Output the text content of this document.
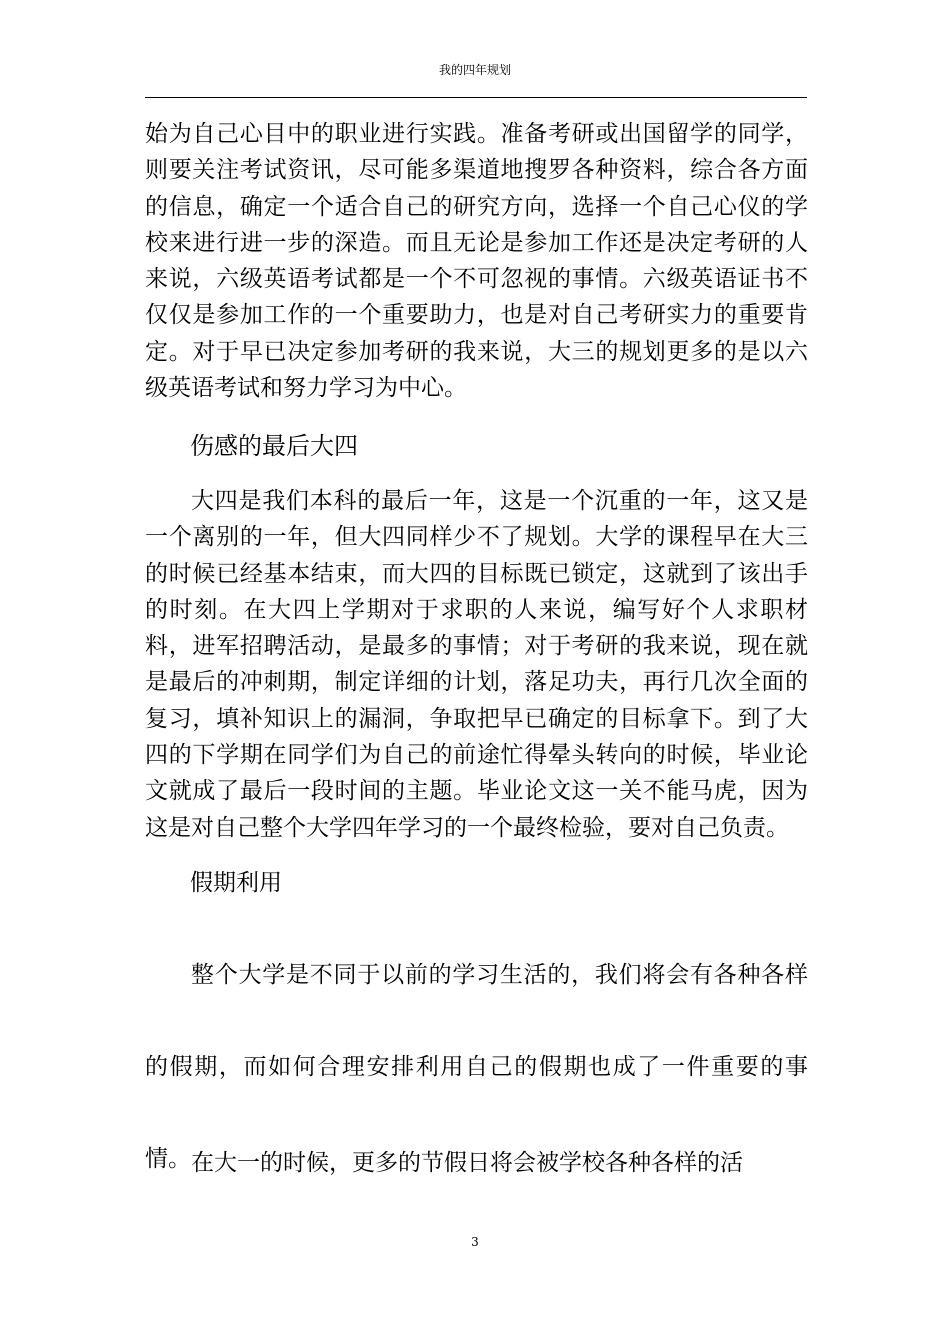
我的四年规划
始为自己心目中的职业进行实践。准备考研或出国留学的同学，则要关注考试资讯，尽可能多渠道地搜罗各种资料，综合各方面的信息，确定一个适合自己的研究方向，选择一个自己心仪的学校来进行进一步的深造。而且无论是参加工作还是决定考研的人来说，六级英语考试都是一个不可忽视的事情。六级英语证书不仅仅是参加工作的一个重要助力，也是对自己考研实力的重要肯定。对于早已决定参加考研的我来说，大三的规划更多的是以六级英语考试和努力学习为中心。
伤感的最后大四
大四是我们本科的最后一年，这是一个沉重的一年，这又是一个离别的一年，但大四同样少不了规划。大学的课程早在大三的时候已经基本结束，而大四的目标既已锁定，这就到了该出手的时刻。在大四上学期对于求职的人来说，编写好个人求职材料，进军招聘活动，是最多的事情；对于考研的我来说，现在就是最后的冲刺期，制定详细的计划，落足功夫，再行几次全面的复习，填补知识上的漏洞，争取把早已确定的目标拿下。到了大四的下学期在同学们为自己的前途忙得晕头转向的时候，毕业论文就成了最后一段时间的主题。毕业论文这一关不能马虎，因为这是对自己整个大学四年学习的一个最终检验，要对自己负责。
假期利用
整个大学是不同于以前的学习生活的，我们将会有各种各样的假期，而如何合理安排利用自己的假期也成了一件重要的事情。 在大一的时候，更多的节假日将会被学校各种各样的活
3
